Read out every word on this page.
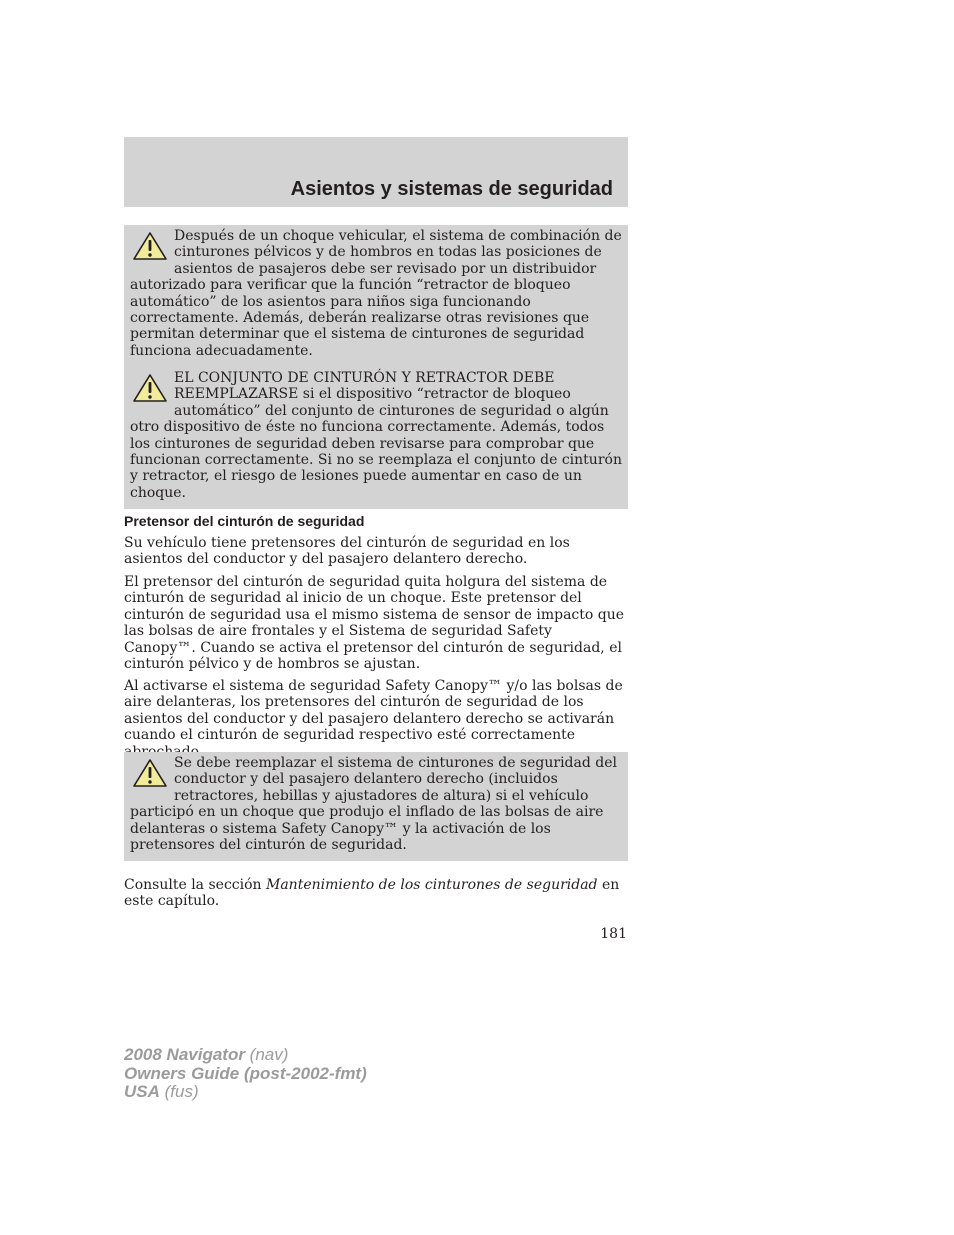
Asientos y sistemas de seguridad

Después de un choque vehicular, el sistema de combinación de cinturones pélvicos y de hombros en todas las posiciones de asientos de pasajeros debe ser revisado por un distribuidor autorizado para verificar que la función “retractor de bloqueo automático” de los asientos para niños siga funcionando correctamente. Además, deberán realizarse otras revisiones que permitan determinar que el sistema de cinturones de seguridad funciona adecuadamente.

EL CONJUNTO DE CINTURÓN Y RETRACTOR DEBE REEMPLAZARSE si el dispositivo “retractor de bloqueo automático” del conjunto de cinturones de seguridad o algún otro dispositivo de éste no funciona correctamente. Además, todos los cinturones de seguridad deben revisarse para comprobar que funcionan correctamente. Si no se reemplaza el conjunto de cinturón y retractor, el riesgo de lesiones puede aumentar en caso de un choque.

Pretensor del cinturón de seguridad

Su vehículo tiene pretensores del cinturón de seguridad en los asientos del conductor y del pasajero delantero derecho.

El pretensor del cinturón de seguridad quita holgura del sistema de cinturón de seguridad al inicio de un choque. Este pretensor del cinturón de seguridad usa el mismo sistema de sensor de impacto que las bolsas de aire frontales y el Sistema de seguridad Safety Canopy™. Cuando se activa el pretensor del cinturón de seguridad, el cinturón pélvico y de hombros se ajustan.

Al activarse el sistema de seguridad Safety Canopy™ y/o las bolsas de aire delanteras, los pretensores del cinturón de seguridad de los asientos del conductor y del pasajero delantero derecho se activarán cuando el cinturón de seguridad respectivo esté correctamente

Se debe reemplazar el sistema de cinturones de seguridad del conductor y del pasajero delantero derecho (incluidos retractores, hebillas y ajustadores de altura) si el vehículo participó en un choque que produjo el inflado de las bolsas de aire delanteras o sistema Safety Canopy™ y la activación de los pretensores del cinturón de seguridad.

Consulte la sección Mantenimiento de los cinturones de seguridad en este capítulo.

181

2008 Navigator (nav)
Owners Guide (post-2002-fmt)
USA (fus)
